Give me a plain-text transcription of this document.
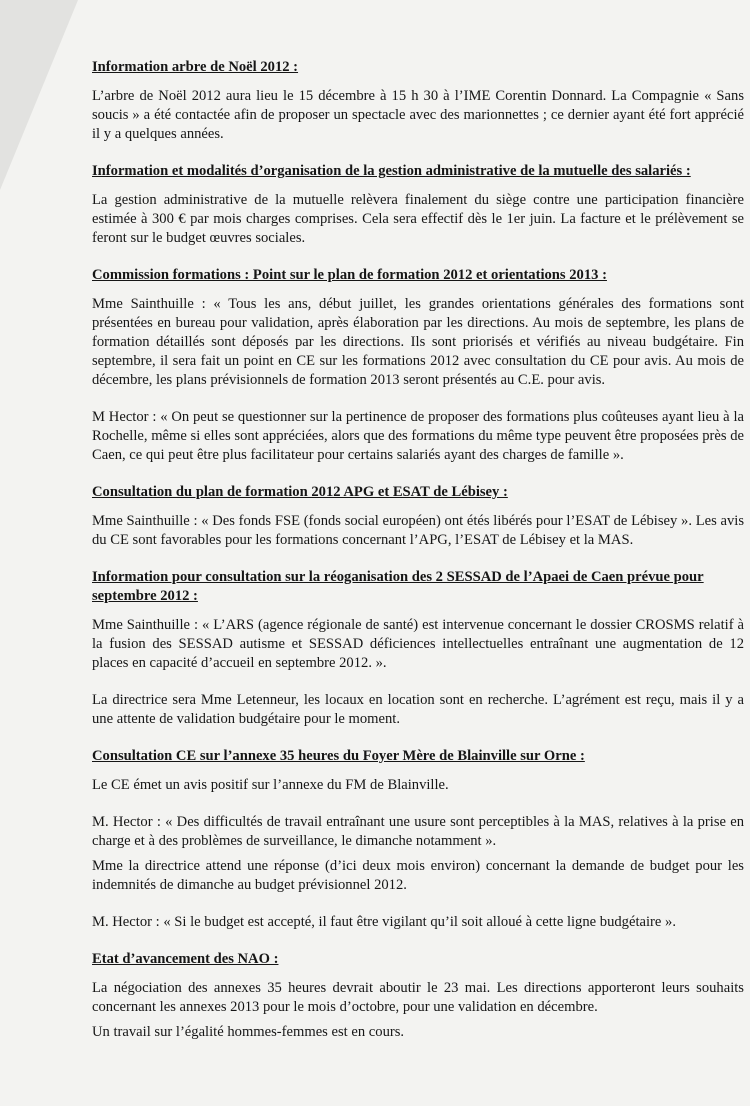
Information arbre de Noël 2012 :

L’arbre de Noël 2012 aura lieu le 15 décembre à 15 h 30 à l’IME Corentin Donnard. La Compagnie « Sans soucis » a été contactée afin de proposer un spectacle avec des marionnettes ; ce dernier ayant été fort apprécié il y a quelques années.

Information et modalités d’organisation de la gestion administrative de la mutuelle des salariés :

La gestion administrative de la mutuelle relèvera finalement du siège contre une participation financière estimée à 300 € par mois charges comprises. Cela sera effectif dès le 1er juin. La facture et le prélèvement se feront sur le budget œuvres sociales.

Commission formations : Point sur le plan de formation 2012 et orientations 2013 :

Mme Sainthuille : « Tous les ans, début juillet, les grandes orientations générales des formations sont présentées en bureau pour validation, après élaboration par les directions. Au mois de septembre, les plans de formation détaillés sont déposés par les directions. Ils sont priorisés et vérifiés au niveau budgétaire. Fin septembre, il sera fait un point en CE sur les formations 2012 avec consultation du CE pour avis. Au mois de décembre, les plans prévisionnels de formation 2013 seront présentés au C.E. pour avis.

M Hector : « On peut se questionner sur la pertinence de proposer des formations plus coûteuses ayant lieu à la Rochelle, même si elles sont appréciées, alors que des formations du même type peuvent être proposées près de Caen, ce qui peut être plus facilitateur pour certains salariés ayant des charges de famille ».

Consultation du plan de formation 2012 APG et ESAT de Lébisey :

Mme Sainthuille : « Des fonds FSE (fonds social européen) ont étés libérés pour l’ESAT de Lébisey ». Les avis du CE sont favorables pour les formations concernant l’APG, l’ESAT de Lébisey et la MAS.

Information pour consultation sur la réoganisation des 2 SESSAD de l’Apaei de Caen prévue pour septembre 2012 :

Mme Sainthuille : « L’ARS (agence régionale de santé) est intervenue concernant le dossier CROSMS relatif à la fusion des SESSAD autisme et SESSAD déficiences intellectuelles entraînant une augmentation de 12 places en capacité d’accueil en septembre 2012. ».

La directrice sera Mme Letenneur, les locaux en location sont en recherche. L’agrément est reçu, mais il y a une attente de validation budgétaire pour le moment.

Consultation CE sur l’annexe 35 heures du Foyer Mère de Blainville sur Orne :

Le CE émet un avis positif sur l’annexe du FM de Blainville.

M. Hector : « Des difficultés de travail entraînant une usure sont perceptibles à la MAS, relatives à la prise en charge et à des problèmes de surveillance, le dimanche notamment ».

Mme la directrice attend une réponse (d’ici deux mois environ) concernant la demande de budget pour les indemnités de dimanche au budget prévisionnel 2012.

M. Hector : « Si le budget est accepté, il faut être vigilant qu’il soit alloué à cette ligne budgétaire ».

Etat d’avancement des NAO :

La négociation des annexes 35 heures devrait aboutir le 23 mai. Les directions apporteront leurs souhaits concernant les annexes 2013 pour le mois d’octobre, pour une validation en décembre.

Un travail sur l’égalité hommes-femmes est en cours.
